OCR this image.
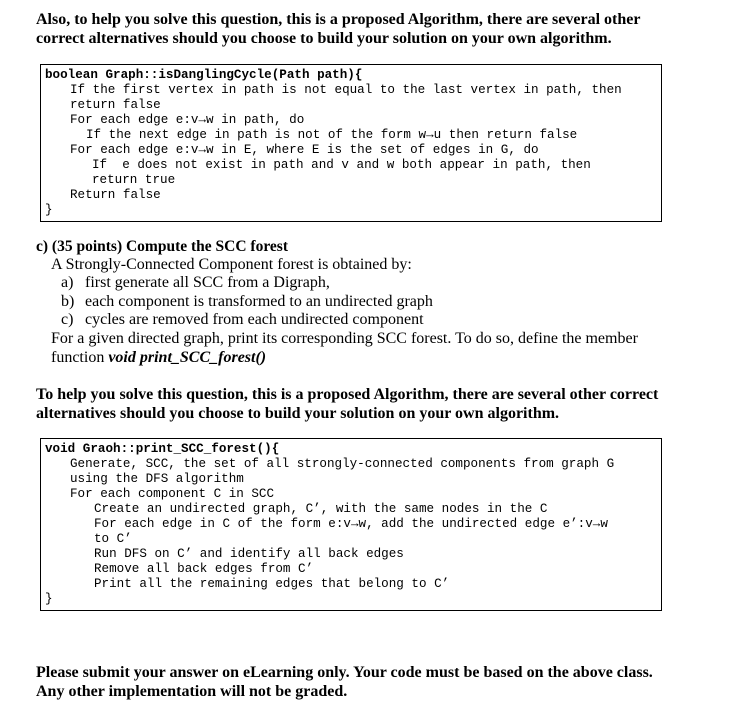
Also, to help you solve this question, this is a proposed Algorithm, there are several other
correct alternatives should you choose to build your solution on your own algorithm.
boolean Graph::isDanglingCycle(Path path){
If the first vertex in path is not equal to the last vertex in path, then
return false
For each edge e:v→w in path, do
If the next edge in path is not of the form w→u then return false
For each edge e:v→w in E, where E is the set of edges in G, do
If  e does not exist in path and v and w both appear in path, then
return true
Return false
}
c) (35 points) Compute the SCC forest
A Strongly-Connected Component forest is obtained by:
a) first generate all SCC from a Digraph,
b) each component is transformed to an undirected graph
c) cycles are removed from each undirected component
For a given directed graph, print its corresponding SCC forest. To do so, define the member
function void print_SCC_forest()
To help you solve this question, this is a proposed Algorithm, there are several other correct
alternatives should you choose to build your solution on your own algorithm.
void Graoh::print_SCC_forest(){
Generate, SCC, the set of all strongly-connected components from graph G
using the DFS algorithm
For each component C in SCC
Create an undirected graph, C’, with the same nodes in the C
For each edge in C of the form e:v→w, add the undirected edge e’:v→w
to C’
Run DFS on C’ and identify all back edges
Remove all back edges from C’
Print all the remaining edges that belong to C’
}
Please submit your answer on eLearning only. Your code must be based on the above class.
Any other implementation will not be graded.
